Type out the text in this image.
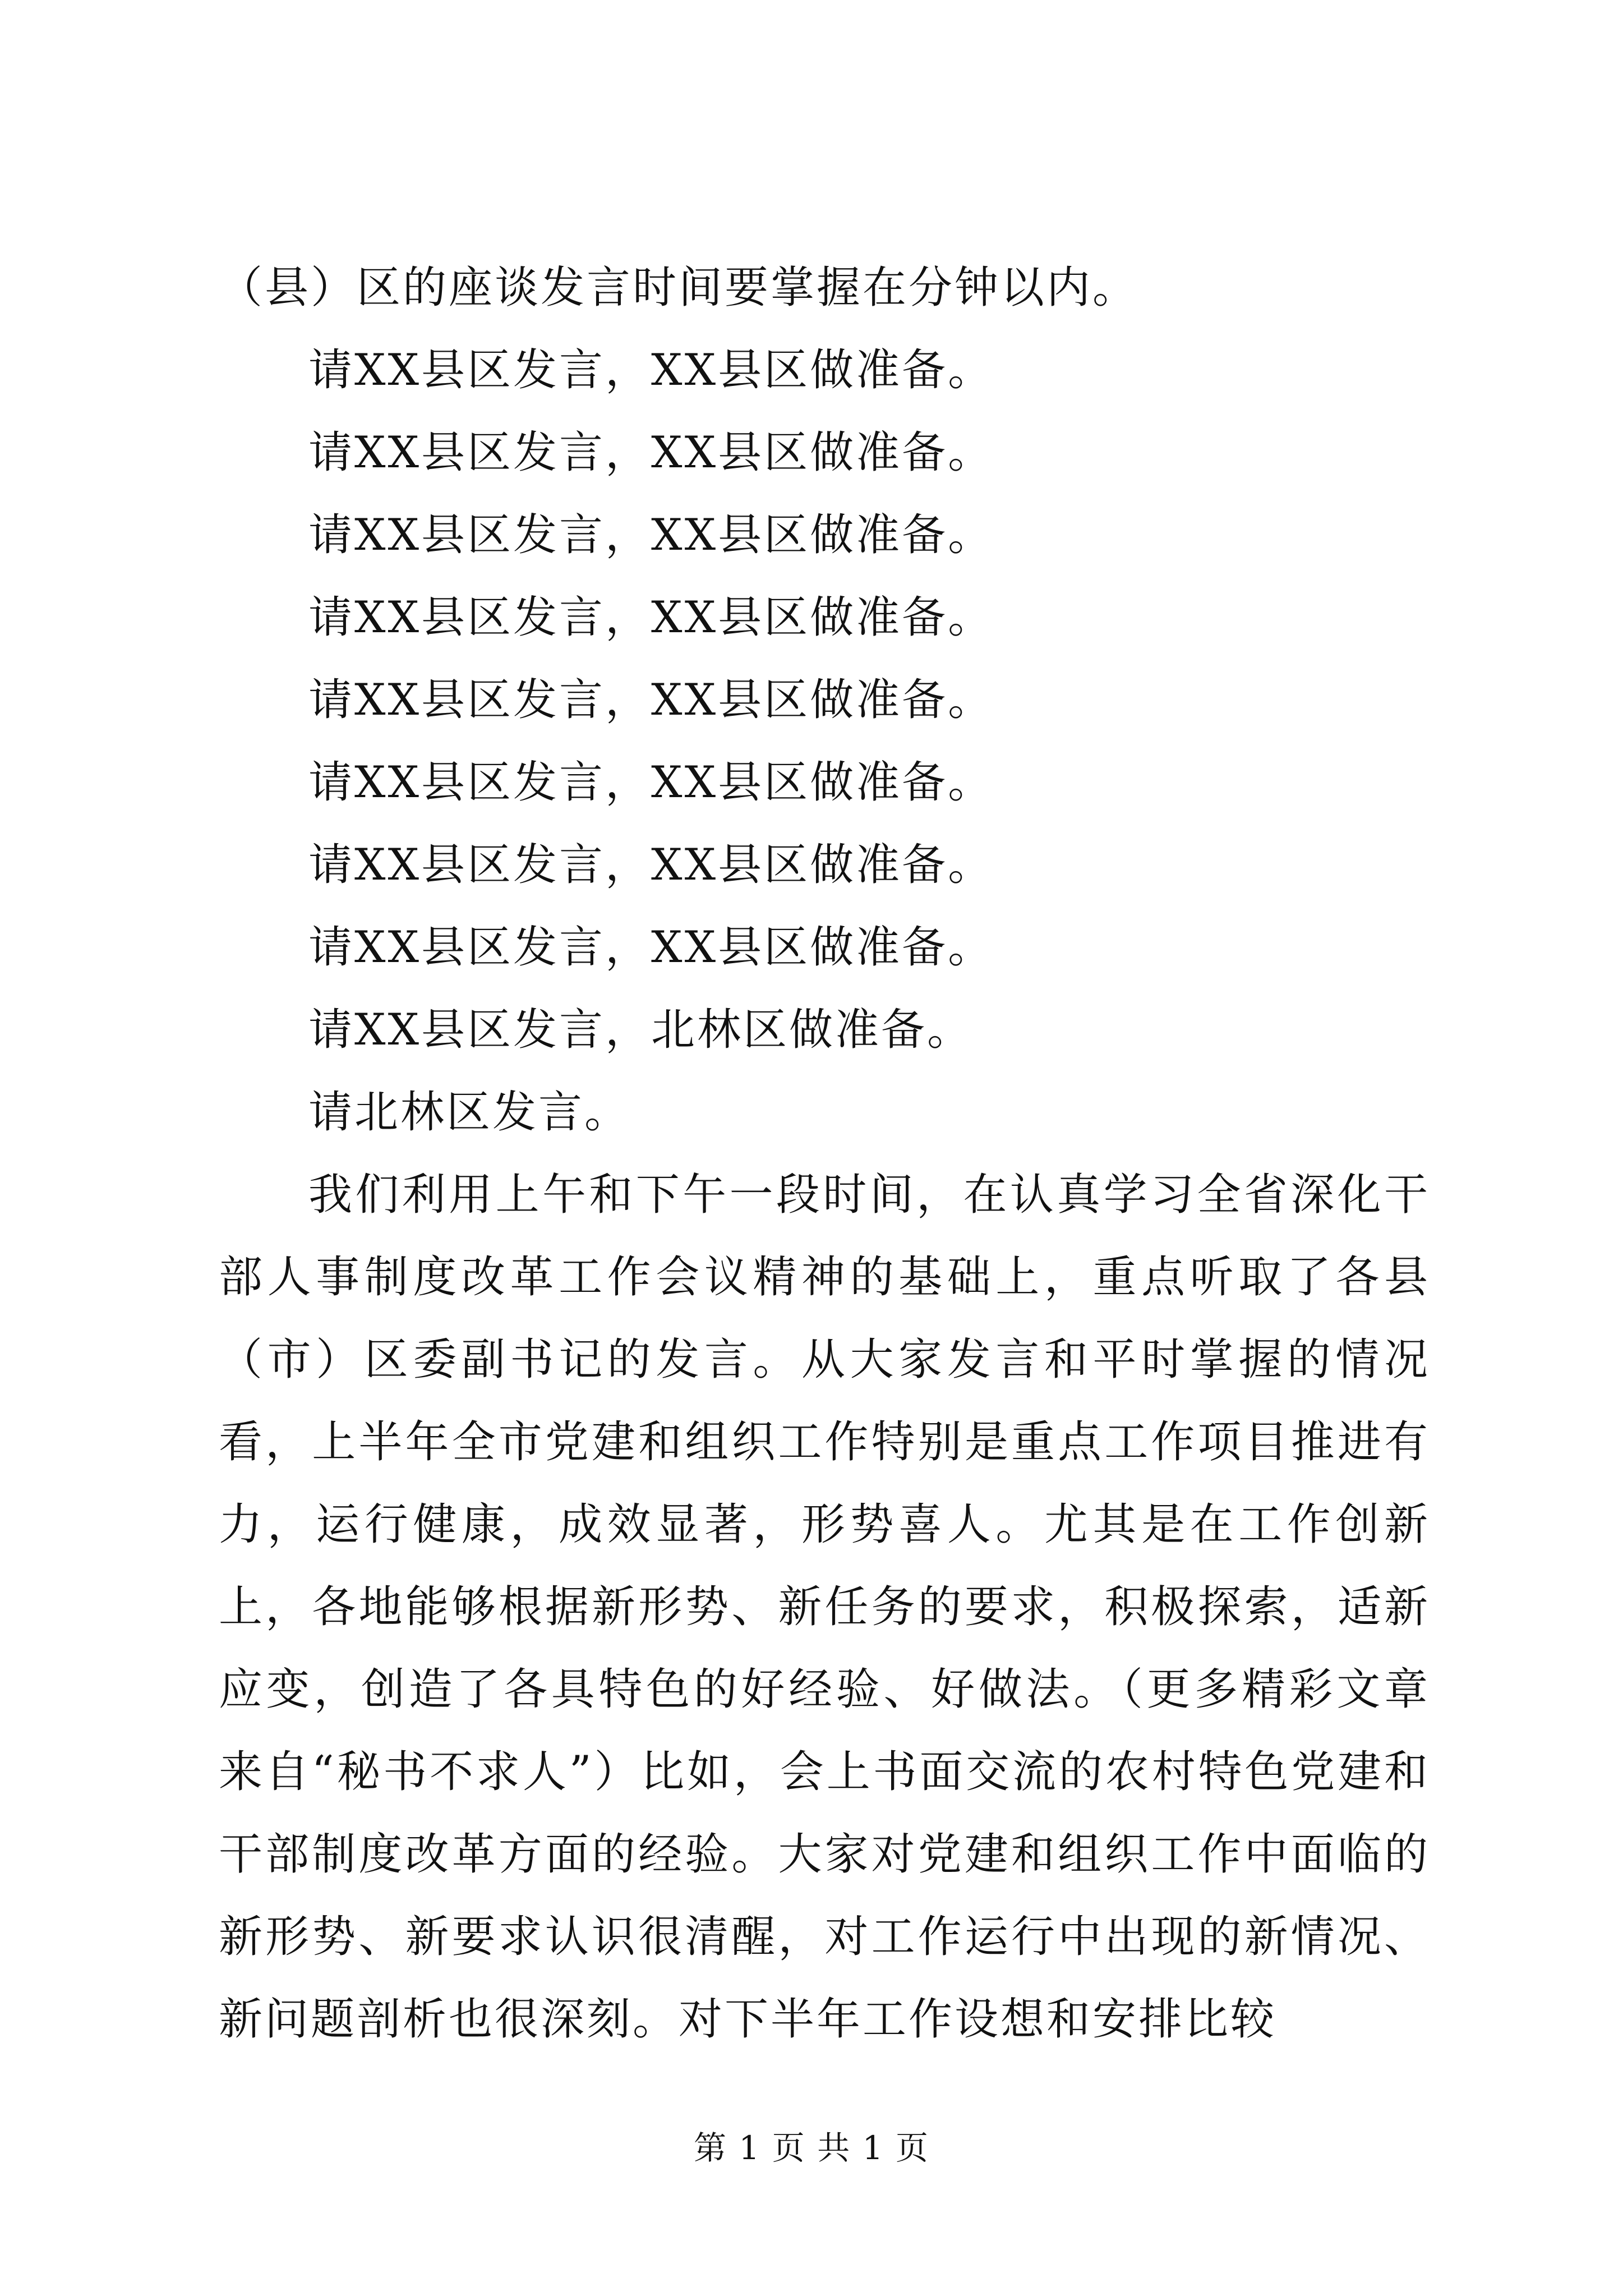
（县）区的座谈发言时间要掌握在分钟以内。
请XX县区发言，XX县区做准备。
请XX县区发言，XX县区做准备。
请XX县区发言，XX县区做准备。
请XX县区发言，XX县区做准备。
请XX县区发言，XX县区做准备。
请XX县区发言，XX县区做准备。
请XX县区发言，XX县区做准备。
请XX县区发言，XX县区做准备。
请XX县区发言，北林区做准备。
请北林区发言。

我们利用上午和下午一段时间，在认真学习全省深化干部人事制度改革工作会议精神的基础上，重点听取了各县（市）区委副书记的发言。从大家发言和平时掌握的情况看，上半年全市党建和组织工作特别是重点工作项目推进有力，运行健康，成效显著，形势喜人。尤其是在工作创新上，各地能够根据新形势、新任务的要求，积极探索，适新应变，创造了各具特色的好经验、好做法。（更多精彩文章来自“秘书不求人”）比如，会上书面交流的农村特色党建和干部制度改革方面的经验。大家对党建和组织工作中面临的新形势、新要求认识很清醒，对工作运行中出现的新情况、新问题剖析也很深刻。对下半年工作设想和安排比较

第 1 页 共 1 页
